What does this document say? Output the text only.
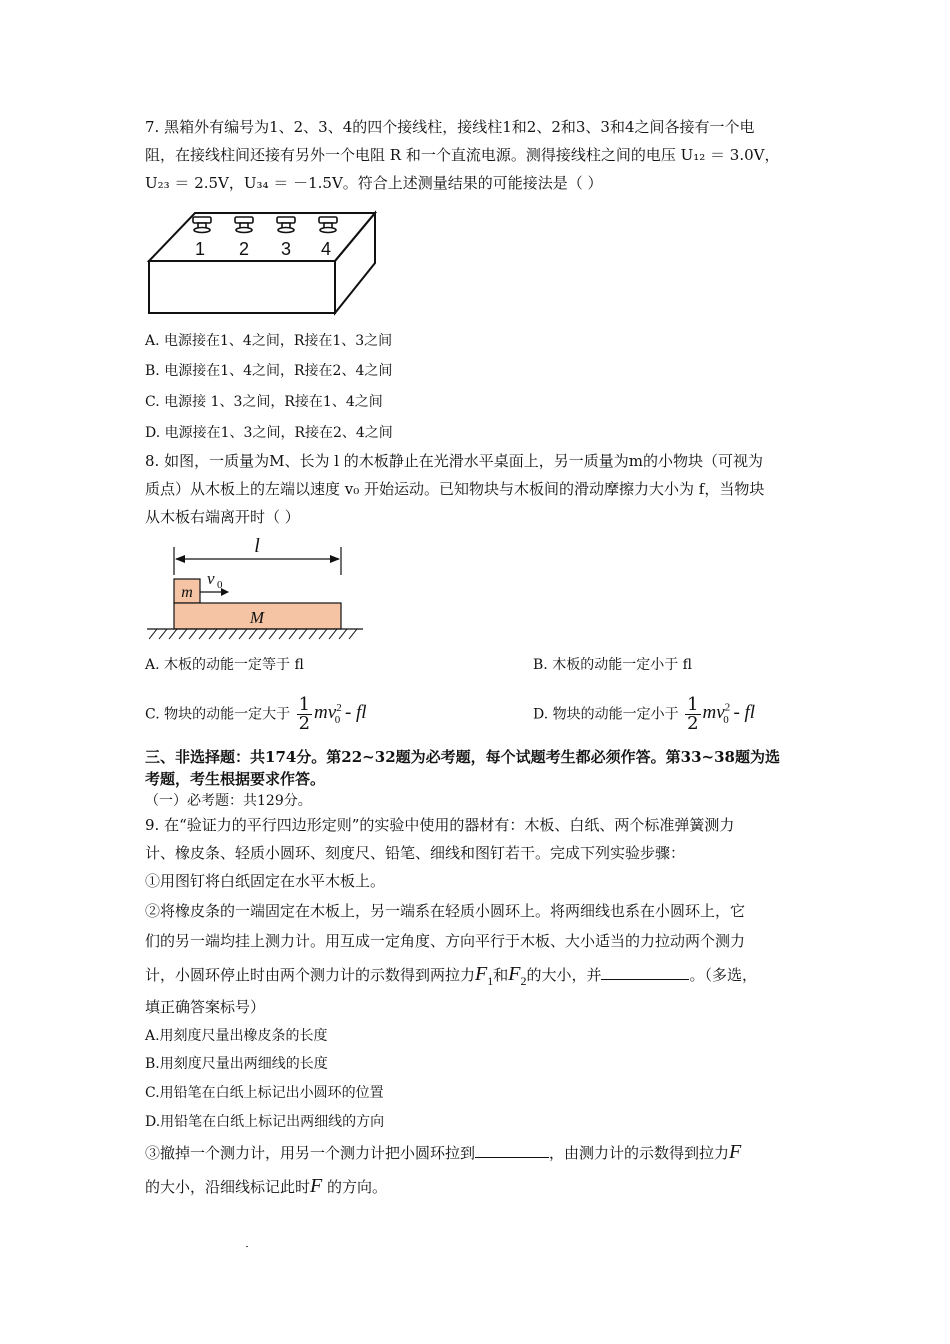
7. 黑箱外有编号为1、2、3、4的四个接线柱，接线柱1和2、2和3、3和4之间各接有一个电
阻，在接线柱间还接有另外一个电阻 R 和一个直流电源。测得接线柱之间的电压 U₁₂ ＝ 3.0V，
U₂₃ ＝ 2.5V，U₃₄ ＝ －1.5V。符合上述测量结果的可能接法是（ ）
1 2 3 4
A. 电源接在1、4之间，R接在1、3之间
B. 电源接在1、4之间，R接在2、4之间
C. 电源接 1、3之间，R接在1、4之间
D. 电源接在1、3之间，R接在2、4之间
8. 如图，一质量为M、长为 l 的木板静止在光滑水平桌面上，另一质量为m的小物块（可视为
质点）从木板上的左端以速度 v₀ 开始运动。已知物块与木板间的滑动摩擦力大小为 f，当物块
从木板右端离开时（ ）
l
m
v 0
M
A. 木板的动能一定等于 fl	B. 木板的动能一定小于 fl
C. 物块的动能一定大于 $\frac{1}{2} mv^2_0$ - fl	D. 物块的动能一定小于 $\frac{1}{2} mv^2_0$ - fl
三、非选择题：共174分。第22~32题为必考题，每个试题考生都必须作答。第33~38题为选
考题，考生根据要求作答。
（一）必考题：共129分。
9. 在“验证力的平行四边形定则”的实验中使用的器材有：木板、白纸、两个标准弹簧测力
计、橡皮条、轻质小圆环、刻度尺、铅笔、细线和图钉若干。完成下列实验步骤：
①用图钉将白纸固定在水平木板上。
②将橡皮条的一端固定在木板上，另一端系在轻质小圆环上。将两细线也系在小圆环上，它
们的另一端均挂上测力计。用互成一定角度、方向平行于木板、大小适当的力拉动两个测力
计，小圆环停止时由两个测力计的示数得到两拉力$F_1$和$F_2$的大小，并	。（多选，
填正确答案标号）
A.用刻度尺量出橡皮条的长度
B.用刻度尺量出两细线的长度
C.用铅笔在白纸上标记出小圆环的位置
D.用铅笔在白纸上标记出两细线的方向
③撤掉一个测力计，用另一个测力计把小圆环拉到	，由测力计的示数得到拉力F
的大小，沿细线标记此时F 的方向。
